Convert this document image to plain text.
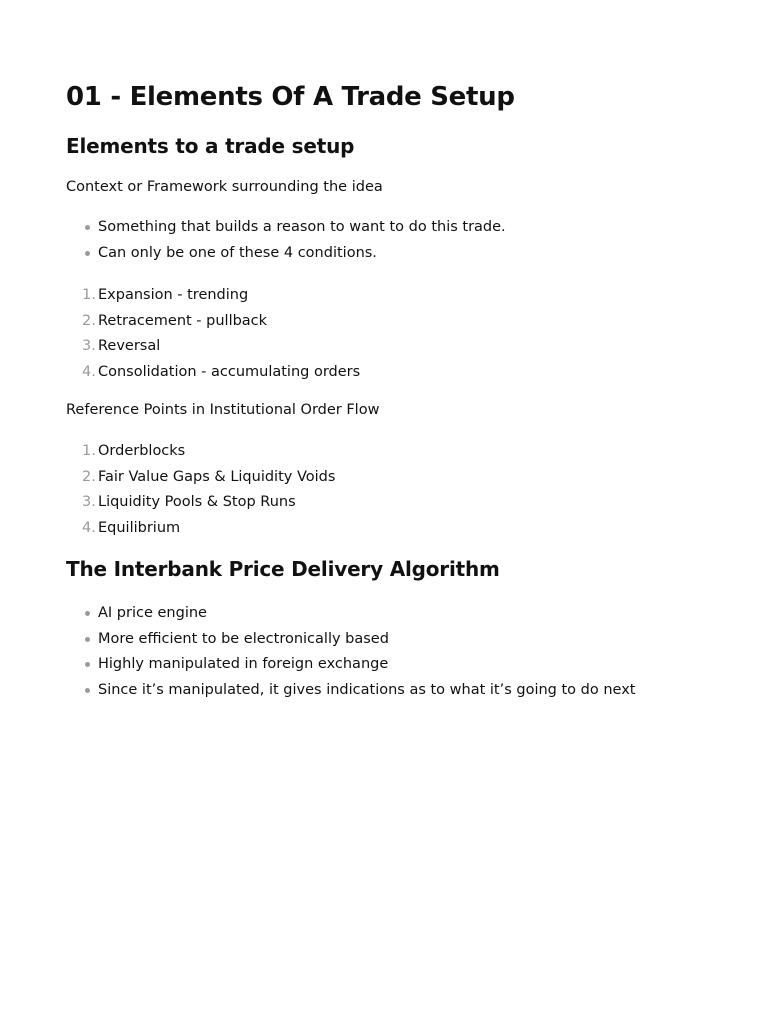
01 - Elements Of A Trade Setup
Elements to a trade setup

Context or Framework surrounding the idea

Something that builds a reason to want to do this trade.
Can only be one of these 4 conditions.
1. Expansion - trending
2. Retracement - pullback
3. Reversal
4. Consolidation - accumulating orders

Reference Points in Institutional Order Flow

1. Orderblocks
2. Fair Value Gaps & Liquidity Voids
3. Liquidity Pools & Stop Runs
4. Equilibrium
The Interbank Price Delivery Algorithm
AI price engine
More efficient to be electronically based
Highly manipulated in foreign exchange
Since it’s manipulated, it gives indications as to what it’s going to do next
